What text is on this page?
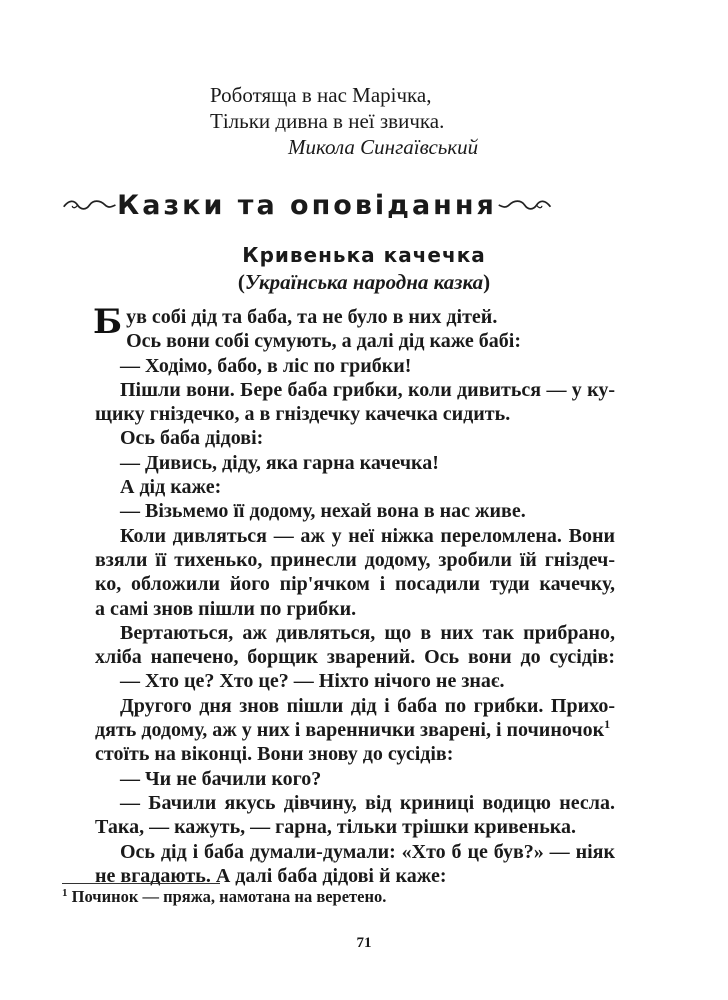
Роботяща в нас Марічка,
Тільки дивна в неї звичка.
Микола Сингаївський
Казки та оповідання
Кривенька качечка
(Українська народна казка)
Був собі дід та баба, та не було в них дітей.
Ось вони собі сумують, а далі дід каже бабі:
— Ходімо, бабо, в ліс по грибки!
Пішли вони. Бере баба грибки, коли дивиться — у ку-
щику гніздечко, а в гніздечку качечка сидить.
Ось баба дідові:
— Дивись, діду, яка гарна качечка!
А дід каже:
— Візьмемо її додому, нехай вона в нас живе.
Коли дивляться — аж у неї ніжка переломлена. Вони
взяли її тихенько, принесли додому, зробили їй гніздеч-
ко, обложили його пір'ячком і посадили туди качечку,
а самі знов пішли по грибки.
Вертаються, аж дивляться, що в них так прибрано,
хліба напечено, борщик зварений. Ось вони до сусідів:
— Хто це? Хто це? — Ніхто нічого не знає.
Другого дня знов пішли дід і баба по грибки. Прихо-
дять додому, аж у них і вареннички зварені, і починочок$^1$
стоїть на віконці. Вони знову до сусідів:
— Чи не бачили кого?
— Бачили якусь дівчину, від криниці водицю несла.
Така, — кажуть, — гарна, тільки трішки кривенька.
Ось дід і баба думали-думали: «Хто б це був?» — ніяк
не вгадають. А далі баба дідові й каже:
$^1$ Починок — пряжа, намотана на веретено.
71
